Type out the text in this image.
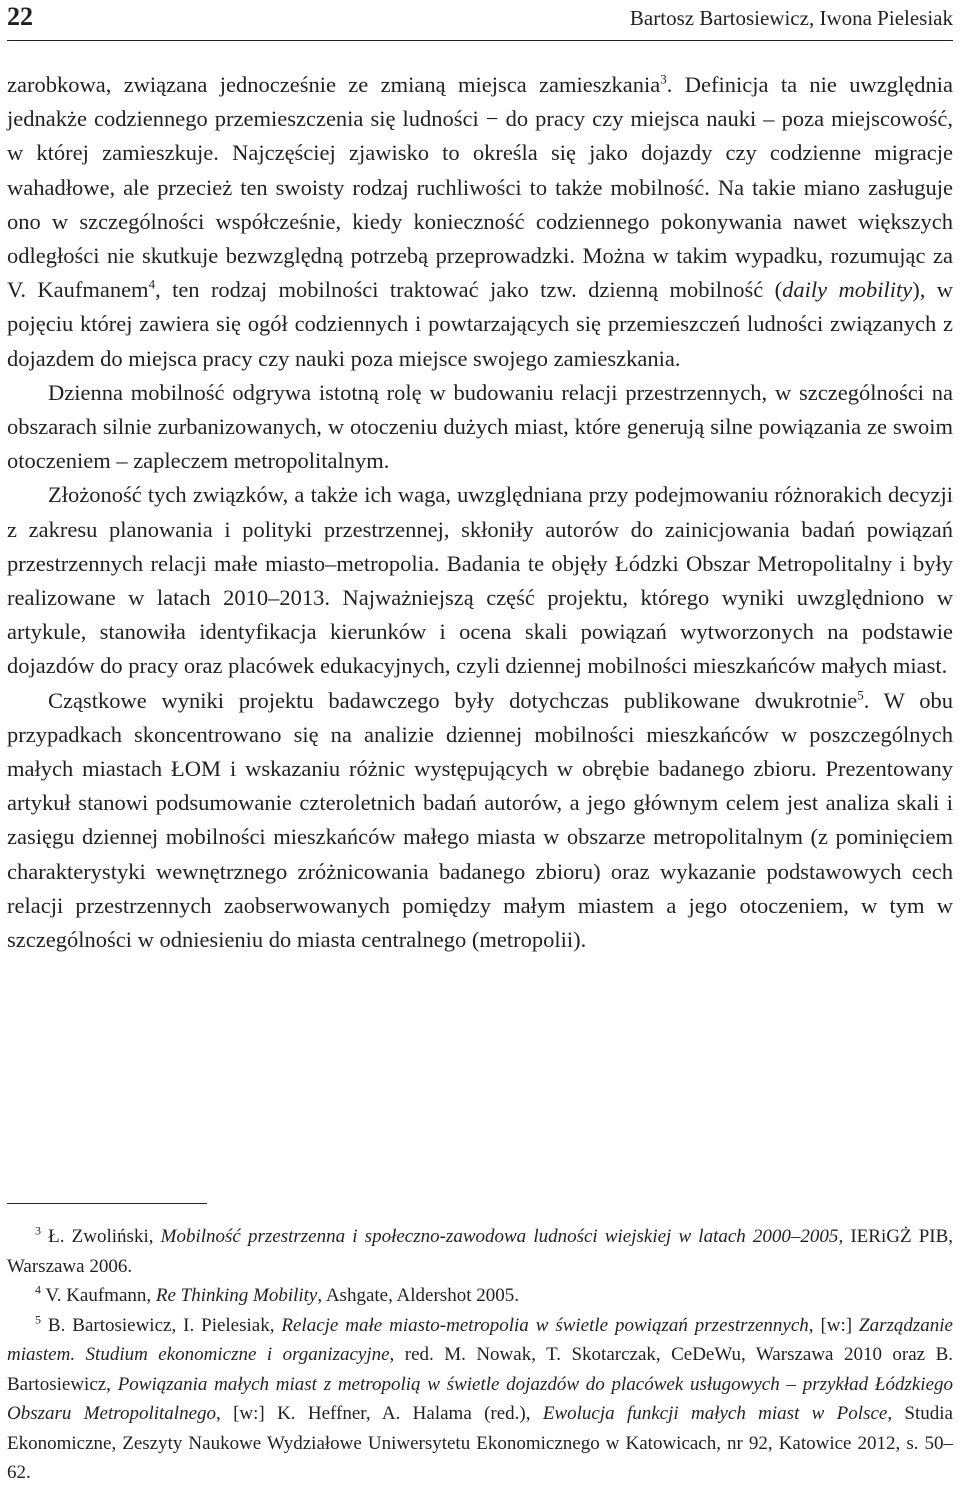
22	Bartosz Bartosiewicz, Iwona Pielesiak

zarobkowa, związana jednocześnie ze zmianą miejsca zamieszkania$^3$. Definicja ta nie uwzględnia jednakże codziennego przemieszczenia się ludności − do pracy czy miejsca nauki – poza miejscowość, w której zamieszkuje. Najczęściej zjawisko to określa się jako dojazdy czy codzienne migracje wahadłowe, ale przecież ten swoisty rodzaj ruchliwości to także mobilność. Na takie miano zasługuje ono w szczególności współcześnie, kiedy konieczność codziennego pokonywania nawet większych odległości nie skutkuje bezwzględną potrzebą przeprowadzki. Można w takim wypadku, rozumując za V. Kaufmanem$^4$, ten rodzaj mobilności traktować jako tzw. dzienną mobilność (daily mobility), w pojęciu której zawiera się ogół codziennych i powtarzających się przemieszczeń ludności związanych z dojazdem do miejsca pracy czy nauki poza miejsce swojego zamieszkania.

Dzienna mobilność odgrywa istotną rolę w budowaniu relacji przestrzennych, w szczególności na obszarach silnie zurbanizowanych, w otoczeniu dużych miast, które generują silne powiązania ze swoim otoczeniem – zapleczem metropolitalnym.

Złożoność tych związków, a także ich waga, uwzględniana przy podejmowaniu różnorakich decyzji z zakresu planowania i polityki przestrzennej, skłoniły autorów do zainicjowania badań powiązań przestrzennych relacji małe miasto–metropolia. Badania te objęły Łódzki Obszar Metropolitalny i były realizowane w latach 2010–2013. Najważniejszą część projektu, którego wyniki uwzględniono w artykule, stanowiła identyfikacja kierunków i ocena skali powiązań wytworzonych na podstawie dojazdów do pracy oraz placówek edukacyjnych, czyli dziennej mobilności mieszkańców małych miast.

Cząstkowe wyniki projektu badawczego były dotychczas publikowane dwukrotnie$^5$. W obu przypadkach skoncentrowano się na analizie dziennej mobilności mieszkańców w poszczególnych małych miastach ŁOM i wskazaniu różnic występujących w obrębie badanego zbioru. Prezentowany artykuł stanowi podsumowanie czteroletnich badań autorów, a jego głównym celem jest analiza skali i zasięgu dziennej mobilności mieszkańców małego miasta w obszarze metropolitalnym (z pominięciem charakterystyki wewnętrznego zróżnicowania badanego zbioru) oraz wykazanie podstawowych cech relacji przestrzennych zaobserwowanych pomiędzy małym miastem a jego otoczeniem, w tym w szczególności w odniesieniu do miasta centralnego (metropolii).

$^3$ Ł. Zwoliński, Mobilność przestrzenna i społeczno-zawodowa ludności wiejskiej w latach 2000–2005, IERiGŻ PIB, Warszawa 2006.

$^4$ V. Kaufmann, Re Thinking Mobility, Ashgate, Aldershot 2005.

$^5$ B. Bartosiewicz, I. Pielesiak, Relacje małe miasto-metropolia w świetle powiązań przestrzennych, [w:] Zarządzanie miastem. Studium ekonomiczne i organizacyjne, red. M. Nowak, T. Skotarczak, CeDeWu, Warszawa 2010 oraz B. Bartosiewicz, Powiązania małych miast z metropolią w świetle dojazdów do placówek usługowych – przykład Łódzkiego Obszaru Metropolitalnego, [w:] K. Heffner, A. Halama (red.), Ewolucja funkcji małych miast w Polsce, Studia Ekonomiczne, Zeszyty Naukowe Wydziałowe Uniwersytetu Ekonomicznego w Katowicach, nr 92, Katowice 2012, s. 50–62.
